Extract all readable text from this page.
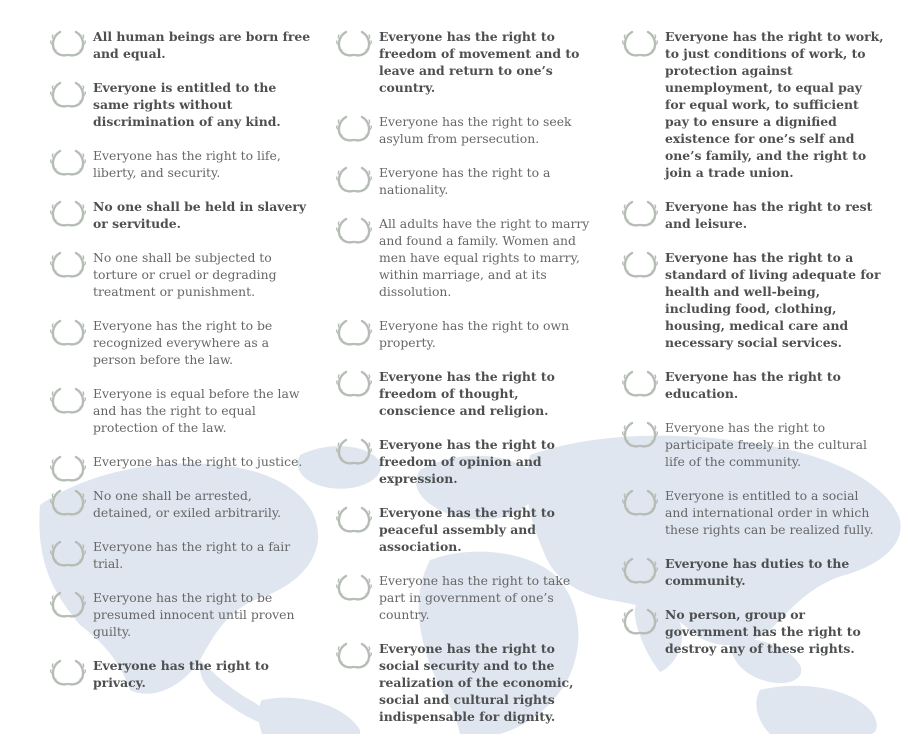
All human beings are born free and equal.
Everyone is entitled to the same rights without discrimination of any kind.
Everyone has the right to life, liberty, and security.
No one shall be held in slavery or servitude.
No one shall be subjected to torture or cruel or degrading treatment or punishment.
Everyone has the right to be recognized everywhere as a person before the law.
Everyone is equal before the law and has the right to equal protection of the law.
Everyone has the right to justice.
No one shall be arrested, detained, or exiled arbitrarily.
Everyone has the right to a fair trial.
Everyone has the right to be presumed innocent until proven guilty.
Everyone has the right to privacy.
Everyone has the right to freedom of movement and to leave and return to one’s country.
Everyone has the right to seek asylum from persecution.
Everyone has the right to a nationality.
All adults have the right to marry and found a family. Women and men have equal rights to marry, within marriage, and at its dissolution.
Everyone has the right to own property.
Everyone has the right to freedom of thought, conscience and religion.
Everyone has the right to freedom of opinion and expression.
Everyone has the right to peaceful assembly and association.
Everyone has the right to take part in government of one’s country.
Everyone has the right to social security and to the realization of the economic, social and cultural rights indispensable for dignity.
Everyone has the right to work, to just conditions of work, to protection against unemployment, to equal pay for equal work, to sufficient pay to ensure a dignified existence for one’s self and one’s family, and the right to join a trade union.
Everyone has the right to rest and leisure.
Everyone has the right to a standard of living adequate for health and well-being, including food, clothing, housing, medical care and necessary social services.
Everyone has the right to education.
Everyone has the right to participate freely in the cultural life of the community.
Everyone is entitled to a social and international order in which these rights can be realized fully.
Everyone has duties to the community.
No person, group or government has the right to destroy any of these rights.
